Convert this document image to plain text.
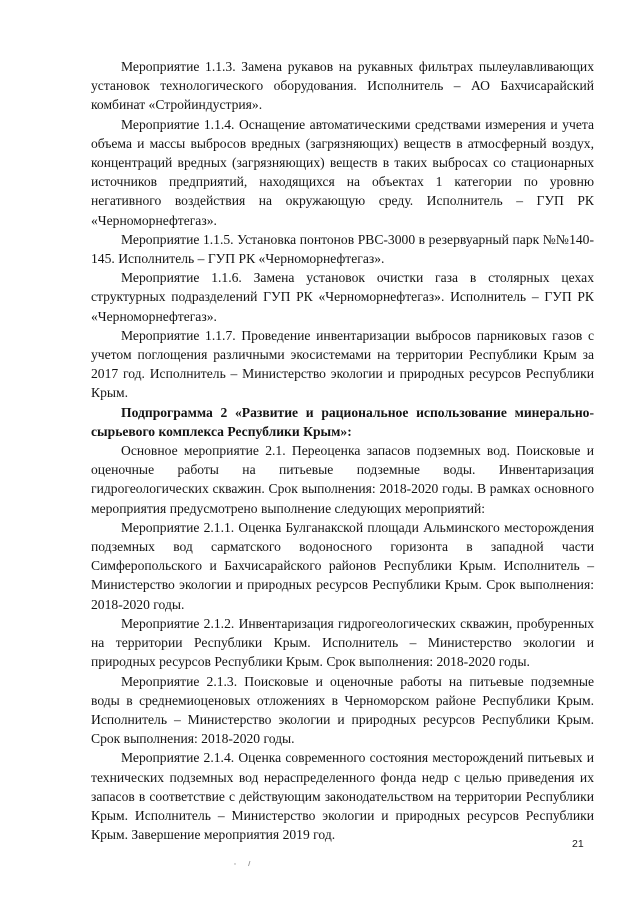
Мероприятие 1.1.3. Замена рукавов на рукавных фильтрах пылеулавливающих установок технологического оборудования. Исполнитель – АО Бахчисарайский комбинат «Стройиндустрия».

Мероприятие 1.1.4. Оснащение автоматическими средствами измерения и учета объема и массы выбросов вредных (загрязняющих) веществ в атмосферный воздух, концентраций вредных (загрязняющих) веществ в таких выбросах со стационарных источников предприятий, находящихся на объектах 1 категории по уровню негативного воздействия на окружающую среду. Исполнитель – ГУП РК «Черноморнефтегаз».

Мероприятие 1.1.5. Установка понтонов РВС-3000 в резервуарный парк №№140-145. Исполнитель – ГУП РК «Черноморнефтегаз».

Мероприятие 1.1.6. Замена установок очистки газа в столярных цехах структурных подразделений ГУП РК «Черноморнефтегаз». Исполнитель – ГУП РК «Черноморнефтегаз».

Мероприятие 1.1.7. Проведение инвентаризации выбросов парниковых газов с учетом поглощения различными экосистемами на территории Республики Крым за 2017 год. Исполнитель – Министерство экологии и природных ресурсов Республики Крым.

Подпрограмма 2 «Развитие и рациональное использование минерально-сырьевого комплекса Республики Крым»:

Основное мероприятие 2.1. Переоценка запасов подземных вод. Поисковые и оценочные работы на питьевые подземные воды. Инвентаризация гидрогеологических скважин. Срок выполнения: 2018-2020 годы. В рамках основного мероприятия предусмотрено выполнение следующих мероприятий:

Мероприятие 2.1.1. Оценка Булганакской площади Альминского месторождения подземных вод сарматского водоносного горизонта в западной части Симферопольского и Бахчисарайского районов Республики Крым. Исполнитель – Министерство экологии и природных ресурсов Республики Крым. Срок выполнения: 2018-2020 годы.

Мероприятие 2.1.2. Инвентаризация гидрогеологических скважин, пробуренных на территории Республики Крым. Исполнитель – Министерство экологии и природных ресурсов Республики Крым. Срок выполнения: 2018-2020 годы.

Мероприятие 2.1.3. Поисковые и оценочные работы на питьевые подземные воды в среднемиоценовых отложениях в Черноморском районе Республики Крым. Исполнитель – Министерство экологии и природных ресурсов Республики Крым. Срок выполнения: 2018-2020 годы.

Мероприятие 2.1.4. Оценка современного состояния месторождений питьевых и технических подземных вод нераспределенного фонда недр с целью приведения их запасов в соответствие с действующим законодательством на территории Республики Крым. Исполнитель – Министерство экологии и природных ресурсов Республики Крым. Завершение мероприятия 2019 год.

21
